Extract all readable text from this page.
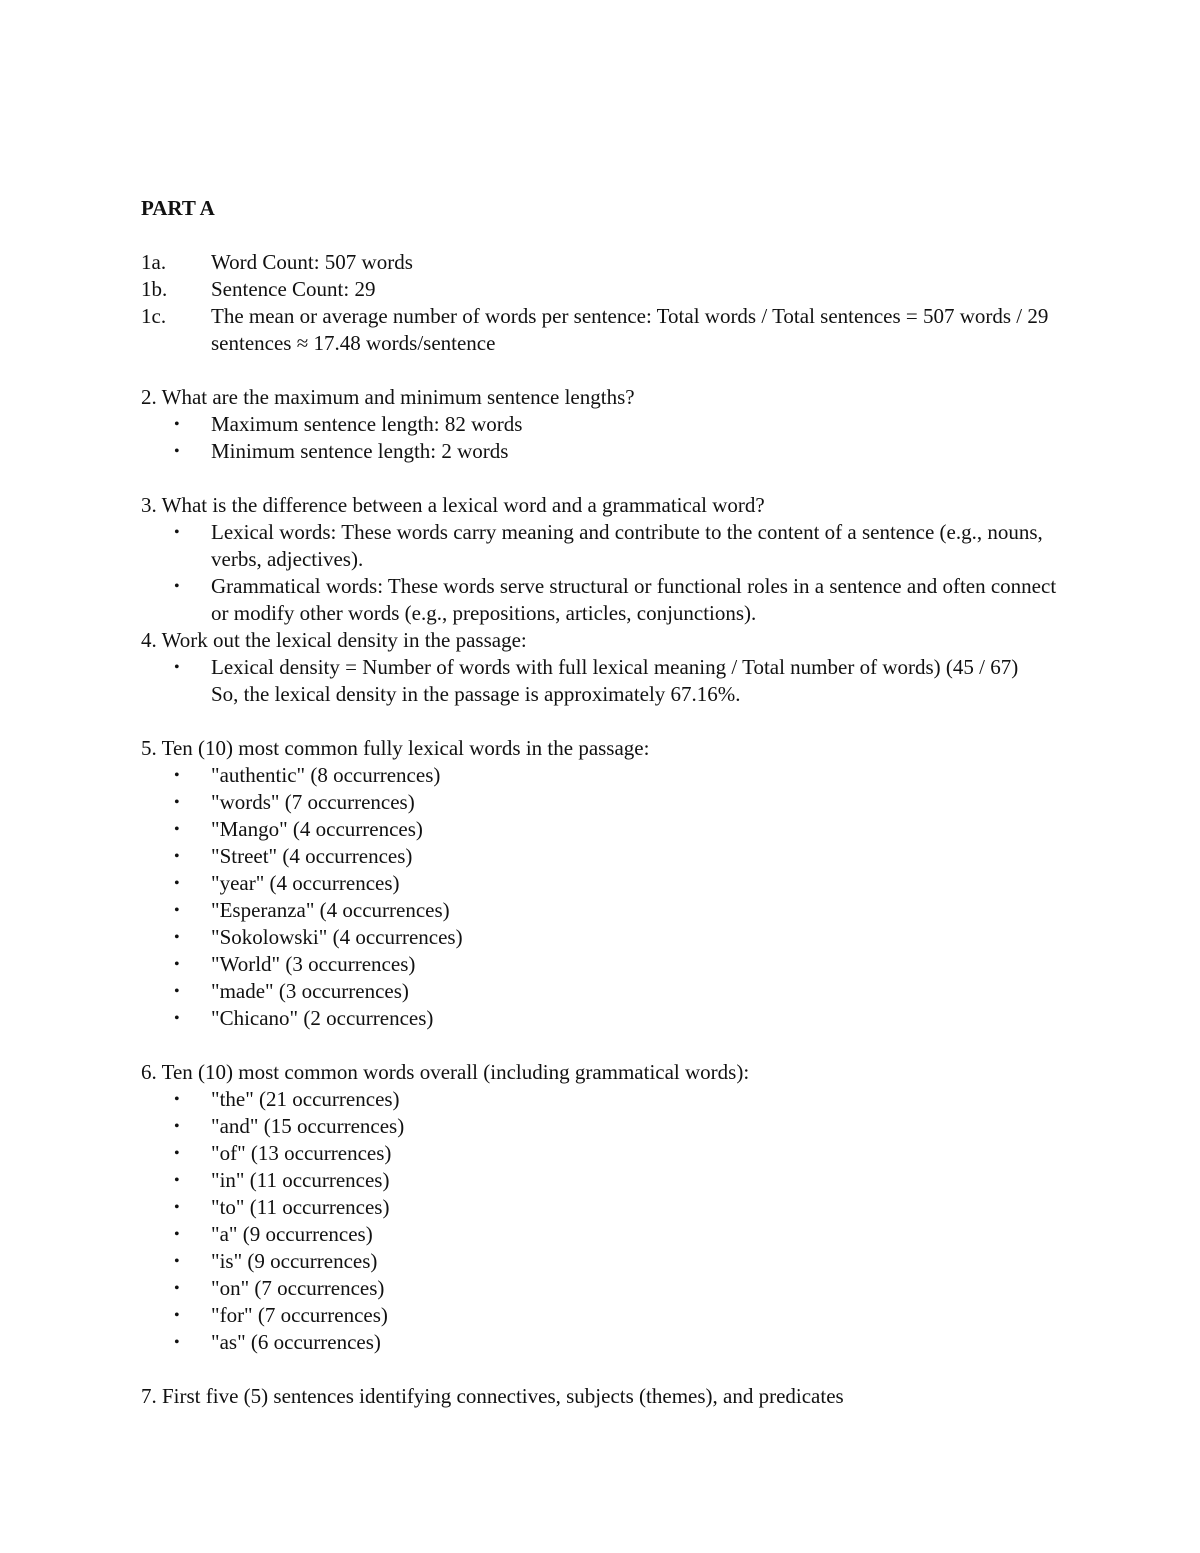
PART A
1a.	Word Count: 507 words
1b.	Sentence Count: 29
1c.	The mean or average number of words per sentence: Total words / Total sentences = 507 words / 29 sentences ≈ 17.48 words/sentence

2. What are the maximum and minimum sentence lengths?

•	Maximum sentence length: 82 words
•	Minimum sentence length: 2 words

3. What is the difference between a lexical word and a grammatical word?

•	Lexical words: These words carry meaning and contribute to the content of a sentence (e.g., nouns, verbs, adjectives).
•	Grammatical words: These words serve structural or functional roles in a sentence and often connect or modify other words (e.g., prepositions, articles, conjunctions).

4. Work out the lexical density in the passage:

•	Lexical density = Number of words with full lexical meaning / Total number of words) (45 / 67)   So, the lexical density in the passage is approximately 67.16%.

5. Ten (10) most common fully lexical words in the passage:

•	"authentic" (8 occurrences)
•	"words" (7 occurrences)
•	"Mango" (4 occurrences)
•	"Street" (4 occurrences)
•	"year" (4 occurrences)
•	"Esperanza" (4 occurrences)
•	"Sokolowski" (4 occurrences)
•	"World" (3 occurrences)
•	"made" (3 occurrences)
•	"Chicano" (2 occurrences)

6. Ten (10) most common words overall (including grammatical words):

•	"the" (21 occurrences)
•	"and" (15 occurrences)
•	"of" (13 occurrences)
•	"in" (11 occurrences)
•	"to" (11 occurrences)
•	"a" (9 occurrences)
•	"is" (9 occurrences)
•	"on" (7 occurrences)
•	"for" (7 occurrences)
•	"as" (6 occurrences)

7. First five (5) sentences identifying connectives, subjects (themes), and predicates
